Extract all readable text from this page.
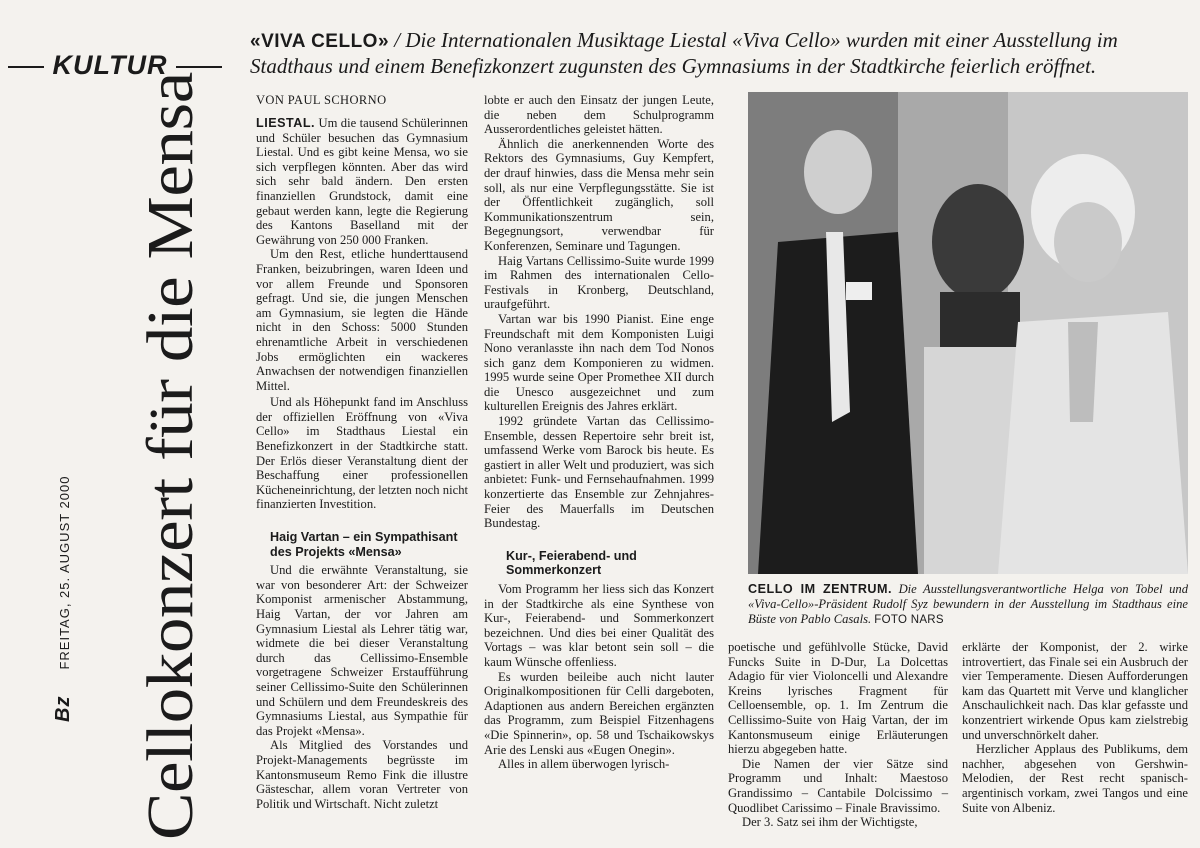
KULTUR
«VIVA CELLO» / Die Internationalen Musiktage Liestal «Viva Cello» wurden mit einer Ausstellung im Stadthaus und einem Benefizkonzert zugunsten des Gymnasiums in der Stadtkirche feierlich eröffnet.
Bz FREITAG, 25. AUGUST 2000 Cellokonzert für die Mensa	VON PAUL SCHORNO

LIESTAL. Um die tausend Schülerinnen und Schüler besuchen das Gymnasium Liestal. Und es gibt keine Mensa, wo sie sich verpflegen könnten. Aber das wird sich sehr bald ändern. Den ersten finanziellen Grundstock, damit eine gebaut werden kann, legte die Regierung des Kantons Baselland mit der Gewährung von 250 000 Franken.

Um den Rest, etliche hunderttausend Franken, beizubringen, waren Ideen und vor allem Freunde und Sponsoren gefragt. Und sie, die jungen Menschen am Gymnasium, sie legten die Hände nicht in den Schoss: 5000 Stunden ehrenamtliche Arbeit in verschiedenen Jobs ermöglichten ein wackeres Anwachsen der notwendigen finanziellen Mittel.

Und als Höhepunkt fand im Anschluss der offiziellen Eröffnung von «Viva Cello» im Stadthaus Liestal ein Benefizkonzert in der Stadtkirche statt. Der Erlös dieser Veranstaltung dient der Beschaffung einer professionellen Kücheneinrichtung, der letzten noch nicht finanzierten Investition.

Haig Vartan – ein Sympathisant des Projekts «Mensa»

Und die erwähnte Veranstaltung, sie war von besonderer Art: der Schweizer Komponist armenischer Abstammung, Haig Vartan, der vor Jahren am Gymnasium Liestal als Lehrer tätig war, widmete die bei dieser Veranstaltung durch das Cellissimo-Ensemble vorgetragene Schweizer Erstaufführung seiner Cellissimo-Suite den Schülerinnen und Schülern und dem Freundeskreis des Gymnasiums Liestal, aus Sympathie für das Projekt «Mensa».

Als Mitglied des Vorstandes und Projekt-Managements begrüsste im Kantonsmuseum Remo Fink die illustre Gästeschar, allem voran Vertreter von Politik und Wirtschaft. Nicht zuletzt

lobte er auch den Einsatz der jungen Leute, die neben dem Schulprogramm Ausserordentliches geleistet hätten.

Ähnlich die anerkennenden Worte des Rektors des Gymnasiums, Guy Kempfert, der drauf hinwies, dass die Mensa mehr sein soll, als nur eine Verpflegungsstätte. Sie ist der Öffentlichkeit zugänglich, soll Kommunikationszentrum sein, Begegnungsort, verwendbar für Konferenzen, Seminare und Tagungen.

Haig Vartans Cellissimo-Suite wurde 1999 im Rahmen des internationalen Cello-Festivals in Kronberg, Deutschland, uraufgeführt.

Vartan war bis 1990 Pianist. Eine enge Freundschaft mit dem Komponisten Luigi Nono veranlasste ihn nach dem Tod Nonos sich ganz dem Komponieren zu widmen. 1995 wurde seine Oper Promethee XII durch die Unesco ausgezeichnet und zum kulturellen Ereignis des Jahres erklärt.

1992 gründete Vartan das Cellissimo-Ensemble, dessen Repertoire sehr breit ist, umfassend Werke vom Barock bis heute. Es gastiert in aller Welt und produziert, was sich anbietet: Funk- und Fernsehaufnahmen. 1999 konzertierte das Ensemble zur Zehnjahres-Feier des Mauerfalls im Deutschen Bundestag.

Kur-, Feierabend- und Sommerkonzert

Vom Programm her liess sich das Konzert in der Stadtkirche als eine Synthese von Kur-, Feierabend- und Sommerkonzert bezeichnen. Und dies bei einer Qualität des Vortags – was klar betont sein soll – die kaum Wünsche offenliess.

Es wurden beileibe auch nicht lauter Originalkompositionen für Celli dargeboten, Adaptionen aus andern Bereichen ergänzten das Programm, zum Beispiel Fitzenhagens «Die Spinnerin», op. 58 und Tschaikowskys Arie des Lenski aus «Eugen Onegin».

Alles in allem überwogen lyrisch-

CELLO IM ZENTRUM. Die Ausstellungsverantwortliche Helga von Tobel und «Viva-Cello»-Präsident Rudolf Syz bewundern in der Ausstellung im Stadthaus eine Büste von Pablo Casals. FOTO NARS

poetische und gefühlvolle Stücke, David Funcks Suite in D-Dur, La Dolcettas Adagio für vier Violoncelli und Alexandre Kreins lyrisches Fragment für Celloensemble, op. 1. Im Zentrum die Cellissimo-Suite von Haig Vartan, der im Kantonsmuseum einige Erläuterungen hierzu abgegeben hatte.

Die Namen der vier Sätze sind Programm und Inhalt: Maestoso Grandissimo – Cantabile Dolcissimo – Quodlibet Carissimo – Finale Bravissimo.

Der 3. Satz sei ihm der Wichtigste,

erklärte der Komponist, der 2. wirke introvertiert, das Finale sei ein Ausbruch der vier Temperamente. Diesen Aufforderungen kam das Quartett mit Verve und klanglicher Anschaulichkeit nach. Das klar gefasste und konzentriert wirkende Opus kam zielstrebig und unverschnörkelt daher.

Herzlicher Applaus des Publikums, dem nachher, abgesehen von Gershwin-Melodien, der Rest recht spanisch-argentinisch vorkam, zwei Tangos und eine Suite von Albeniz.
